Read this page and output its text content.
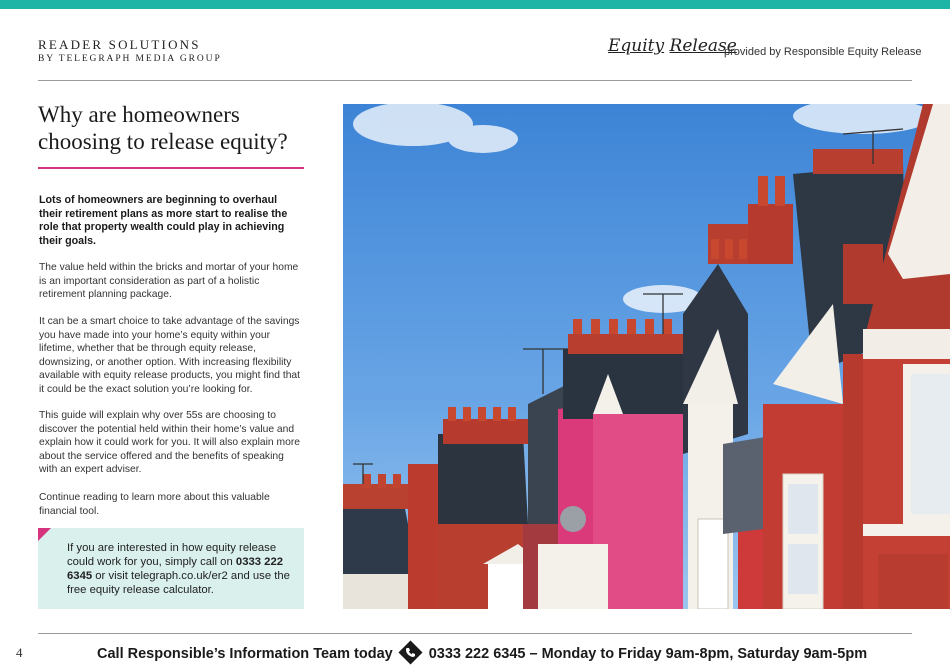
READER SOLUTIONS
BY TELEGRAPH MEDIA GROUP
Equity Release
provided by Responsible Equity Release
Why are homeowners choosing to release equity?
Lots of homeowners are beginning to overhaul their retirement plans as more start to realise the role that property wealth could play in achieving their goals.
The value held within the bricks and mortar of your home is an important consideration as part of a holistic retirement planning package.
It can be a smart choice to take advantage of the savings you have made into your home’s equity within your lifetime, whether that be through equity release, downsizing, or another option. With increasing flexibility available with equity release products, you might find that it could be the exact solution you’re looking for.
This guide will explain why over 55s are choosing to discover the potential held within their home’s value and explain how it could work for you. It will also explain more about the service offered and the benefits of speaking with an expert adviser.
Continue reading to learn more about this valuable financial tool.
If you are interested in how equity release could work for you, simply call on 0333 222 6345 or visit telegraph.co.uk/er2 and use the free equity release calculator.
4	Call Responsible’s Information Team today 0333 222 6345 – Monday to Friday 9am-8pm, Saturday 9am-5pm
